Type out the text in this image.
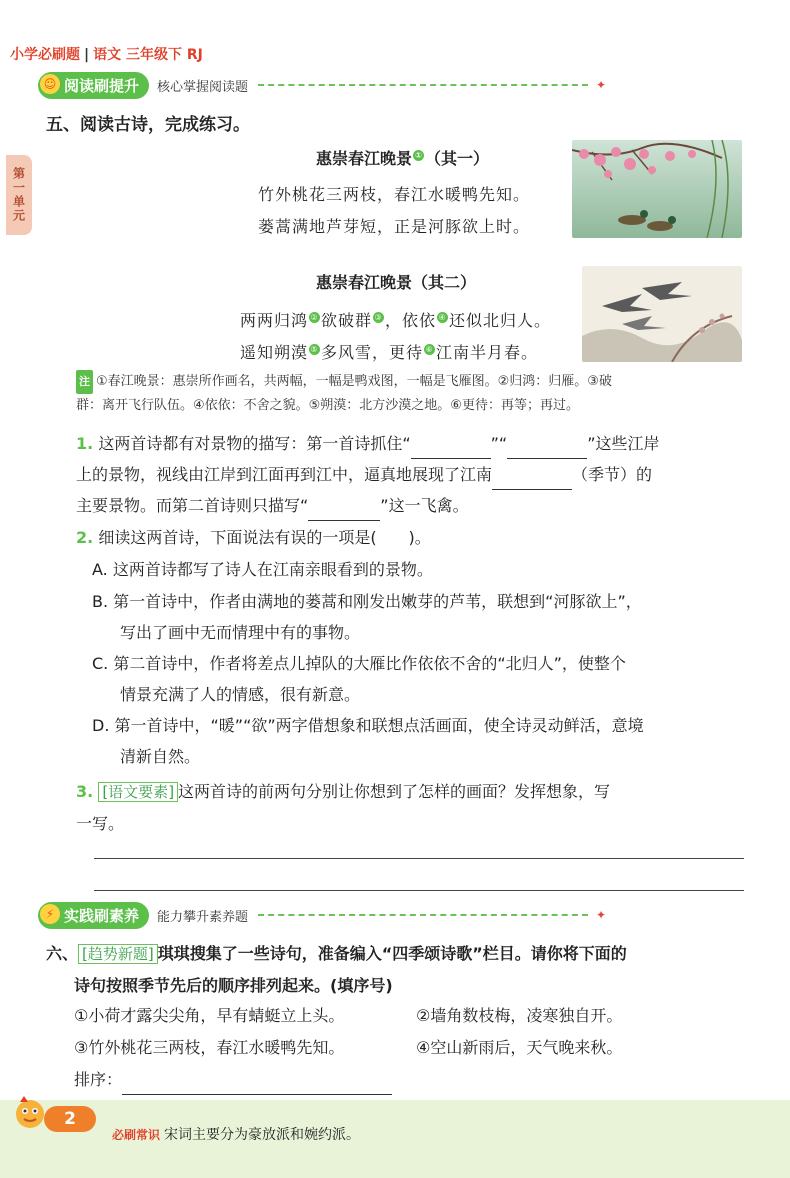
小学必刷题 | 语文 三年级下 RJ
第一单元
☺ 阅读刷提升	核心掌握阅读题	✦
五、阅读古诗，完成练习。
惠崇春江晚景 ① （其一）
竹外桃花三两枝，春江水暖鸭先知。
蒌蒿满地芦芽短，正是河豚欲上时。
惠崇春江晚景（其二）
两两归鸿 ② 欲破群 ③ ，依依 ④ 还似北归人。
遥知朔漠 ⑤ 多风雪，更待 ⑥ 江南半月春。
注 ①春江晚景：惠崇所作画名，共两幅，一幅是鸭戏图，一幅是飞雁图。②归鸿：归雁。③破
群：离开飞行队伍。④依依：不舍之貌。⑤朔漠：北方沙漠之地。⑥更待：再等；再过。
1. 这两首诗都有对景物的描写：第一首诗抓住“	”“	”这些江岸
上的景物，视线由江岸到江面再到江中，逼真地展现了江南	（季节）的
主要景物。而第二首诗则只描写“	”这一飞禽。
2. 细读这两首诗，下面说法有误的一项是(　　)。
A. 这两首诗都写了诗人在江南亲眼看到的景物。
B. 第一首诗中，作者由满地的蒌蒿和刚发出嫩芽的芦苇，联想到“河豚欲上”，
写出了画中无而情理中有的事物。
C. 第二首诗中，作者将差点儿掉队的大雁比作依依不舍的“北归人”，使整个
情景充满了人的情感，很有新意。
D. 第一首诗中，“暖”“欲”两字借想象和联想点活画面，使全诗灵动鲜活，意境
清新自然。
3. [语文要素] 这两首诗的前两句分别让你想到了怎样的画面？发挥想象，写
一写。
⚡ 实践刷素养	能力攀升素养题	✦
六、 [趋势新题] 琪琪搜集了一些诗句，准备编入“四季颂诗歌”栏目。请你将下面的
诗句按照季节先后的顺序排列起来。(填序号)
①小荷才露尖尖角，早有蜻蜓立上头。	②墙角数枝梅，凌寒独自开。
③竹外桃花三两枝，春江水暖鸭先知。	④空山新雨后，天气晚来秋。
排序：
2
必刷常识 宋词主要分为豪放派和婉约派。
